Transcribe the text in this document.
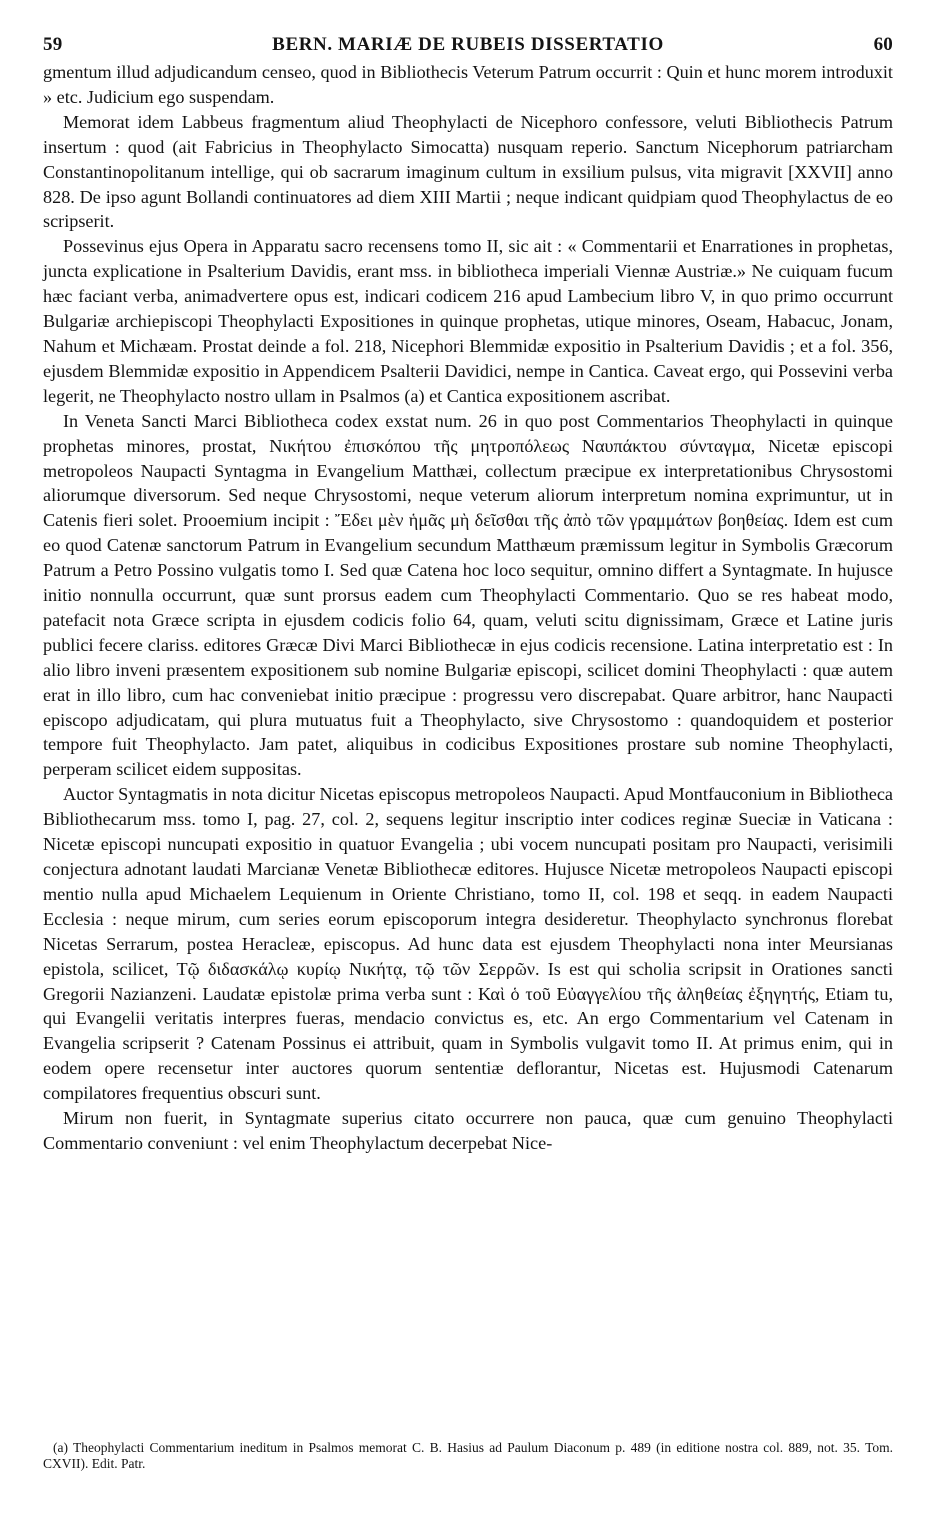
59	BERN. MARIÆ DE RUBEIS DISSERTATIO	60

gmentum illud adjudicandum censeo, quod in Bibliothecis Veterum Patrum occurrit : Quin et hunc morem introduxit » etc. Judicium ego suspendam.

Memorat idem Labbeus fragmentum aliud Theophylacti de Nicephoro confessore, veluti Bibliothecis Patrum insertum : quod (ait Fabricius in Theophylacto Simocatta) nusquam reperio. Sanctum Nicephorum patriarcham Constantinopolitanum intellige, qui ob sacrarum imaginum cultum in exsilium pulsus, vita migravit [XXVII] anno 828. De ipso agunt Bollandi continuatores ad diem XIII Martii ; neque indicant quidpiam quod Theophylactus de eo scripserit.

Possevinus ejus Opera in Apparatu sacro recensens tomo II, sic ait : « Commentarii et Enarrationes in prophetas, juncta explicatione in Psalterium Davidis, erant mss. in bibliotheca imperiali Viennæ Austriæ.» Ne cuiquam fucum hæc faciant verba, animadvertere opus est, indicari codicem 216 apud Lambecium libro V, in quo primo occurrunt Bulgariæ archiepiscopi Theophylacti Expositiones in quinque prophetas, utique minores, Oseam, Habacuc, Jonam, Nahum et Michæam. Prostat deinde a fol. 218, Nicephori Blemmidæ expositio in Psalterium Davidis ; et a fol. 356, ejusdem Blemmidæ expositio in Appendicem Psalterii Davidici, nempe in Cantica. Caveat ergo, qui Possevini verba legerit, ne Theophylacto nostro ullam in Psalmos (a) et Cantica expositionem ascribat.

In Veneta Sancti Marci Bibliotheca codex exstat num. 26 in quo post Commentarios Theophylacti in quinque prophetas minores, prostat, Νικήτου ἐπισκόπου τῆς μητροπόλεως Ναυπάκτου σύνταγμα, Nicetæ episcopi metropoleos Naupacti Syntagma in Evangelium Matthæi, collectum præcipue ex interpretationibus Chrysostomi aliorumque diversorum. Sed neque Chrysostomi, neque veterum aliorum interpretum nomina exprimuntur, ut in Catenis fieri solet. Prooemium incipit : Ἔδει μὲν ἡμᾶς μὴ δεῖσθαι τῆς ἀπὸ τῶν γραμμάτων βοηθείας. Idem est cum eo quod Catenæ sanctorum Patrum in Evangelium secundum Matthæum præmissum legitur in Symbolis Græcorum Patrum a Petro Possino vulgatis tomo I. Sed quæ Catena hoc loco sequitur, omnino differt a Syntagmate. In hujusce initio nonnulla occurrunt, quæ sunt prorsus eadem cum Theophylacti Commentario. Quo se res habeat modo, patefacit nota Græce scripta in ejusdem codicis folio 64, quam, veluti scitu dignissimam, Græce et Latine juris publici fecere clariss. editores Græcæ Divi Marci Bibliothecæ in ejus codicis recensione. Latina interpretatio est : In alio libro inveni præsentem expositionem sub nomine Bulgariæ episcopi, scilicet domini Theophylacti : quæ autem erat in illo libro, cum hac conveniebat initio præcipue : progressu vero discrepabat. Quare arbitror, hanc Naupacti episcopo adjudicatam, qui plura mutuatus fuit a Theophylacto, sive Chrysostomo : quandoquidem et posterior tempore fuit Theophylacto. Jam patet, aliquibus in codicibus Expositiones prostare sub nomine Theophylacti, perperam scilicet eidem suppositas.

Auctor Syntagmatis in nota dicitur Nicetas episcopus metropoleos Naupacti. Apud Montfauconium in Bibliotheca Bibliothecarum mss. tomo I, pag. 27, col. 2, sequens legitur inscriptio inter codices reginæ Sueciæ in Vaticana : Nicetæ episcopi nuncupati expositio in quatuor Evangelia ; ubi vocem nuncupati positam pro Naupacti, verisimili conjectura adnotant laudati Marcianæ Venetæ Bibliothecæ editores. Hujusce Nicetæ metropoleos Naupacti episcopi mentio nulla apud Michaelem Lequienum in Oriente Christiano, tomo II, col. 198 et seqq. in eadem Naupacti Ecclesia : neque mirum, cum series eorum episcoporum integra desideretur. Theophylacto synchronus florebat Nicetas Serrarum, postea Heracleæ, episcopus. Ad hunc data est ejusdem Theophylacti nona inter Meursianas epistola, scilicet, Τῷ διδασκάλῳ κυρίῳ Νικήτᾳ, τῷ τῶν Σερρῶν. Is est qui scholia scripsit in Orationes sancti Gregorii Nazianzeni. Laudatæ epistolæ prima verba sunt : Καὶ ὁ τοῦ Εὐαγγελίου τῆς ἀληθείας ἐξηγητής, Etiam tu, qui Evangelii veritatis interpres fueras, mendacio convictus es, etc. An ergo Commentarium vel Catenam in Evangelia scripserit ? Catenam Possinus ei attribuit, quam in Symbolis vulgavit tomo II. At primus enim, qui in eodem opere recensetur inter auctores quorum sententiæ deflorantur, Nicetas est. Hujusmodi Catenarum compilatores frequentius obscuri sunt.

Mirum non fuerit, in Syntagmate superius citato occurrere non pauca, quæ cum genuino Theophylacti Commentario conveniunt : vel enim Theophylactum decerpebat Nice-

(a) Theophylacti Commentarium ineditum in Psalmos memorat C. B. Hasius ad Paulum Diaconum p. 489 (in editione nostra col. 889, not. 35. Tom. CXVII). Edit. Patr.
